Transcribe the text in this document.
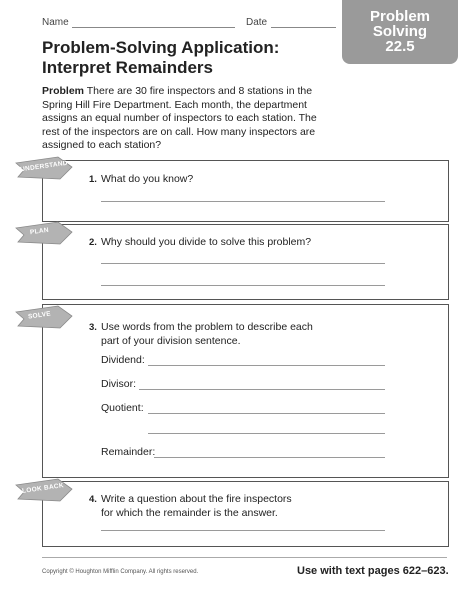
Name	Date	Problem
Solving
22.5
Problem-Solving Application:
Interpret Remainders
Problem There are 30 fire inspectors and 8 stations in the Spring Hill Fire Department. Each month, the department assigns an equal number of inspectors to each station. The rest of the inspectors are on call. How many inspectors are assigned to each station?
1. What do you know?
2. Why should you divide to solve this problem?
3. Use words from the problem to describe each
part of your division sentence.
Dividend:
Divisor:
Quotient:
Remainder:
4. Write a question about the fire inspectors
for which the remainder is the answer.
UNDERSTAND
PLAN
SOLVE
LOOK BACK
Copyright © Houghton Mifflin Company. All rights reserved.	Use with text pages 622–623.
